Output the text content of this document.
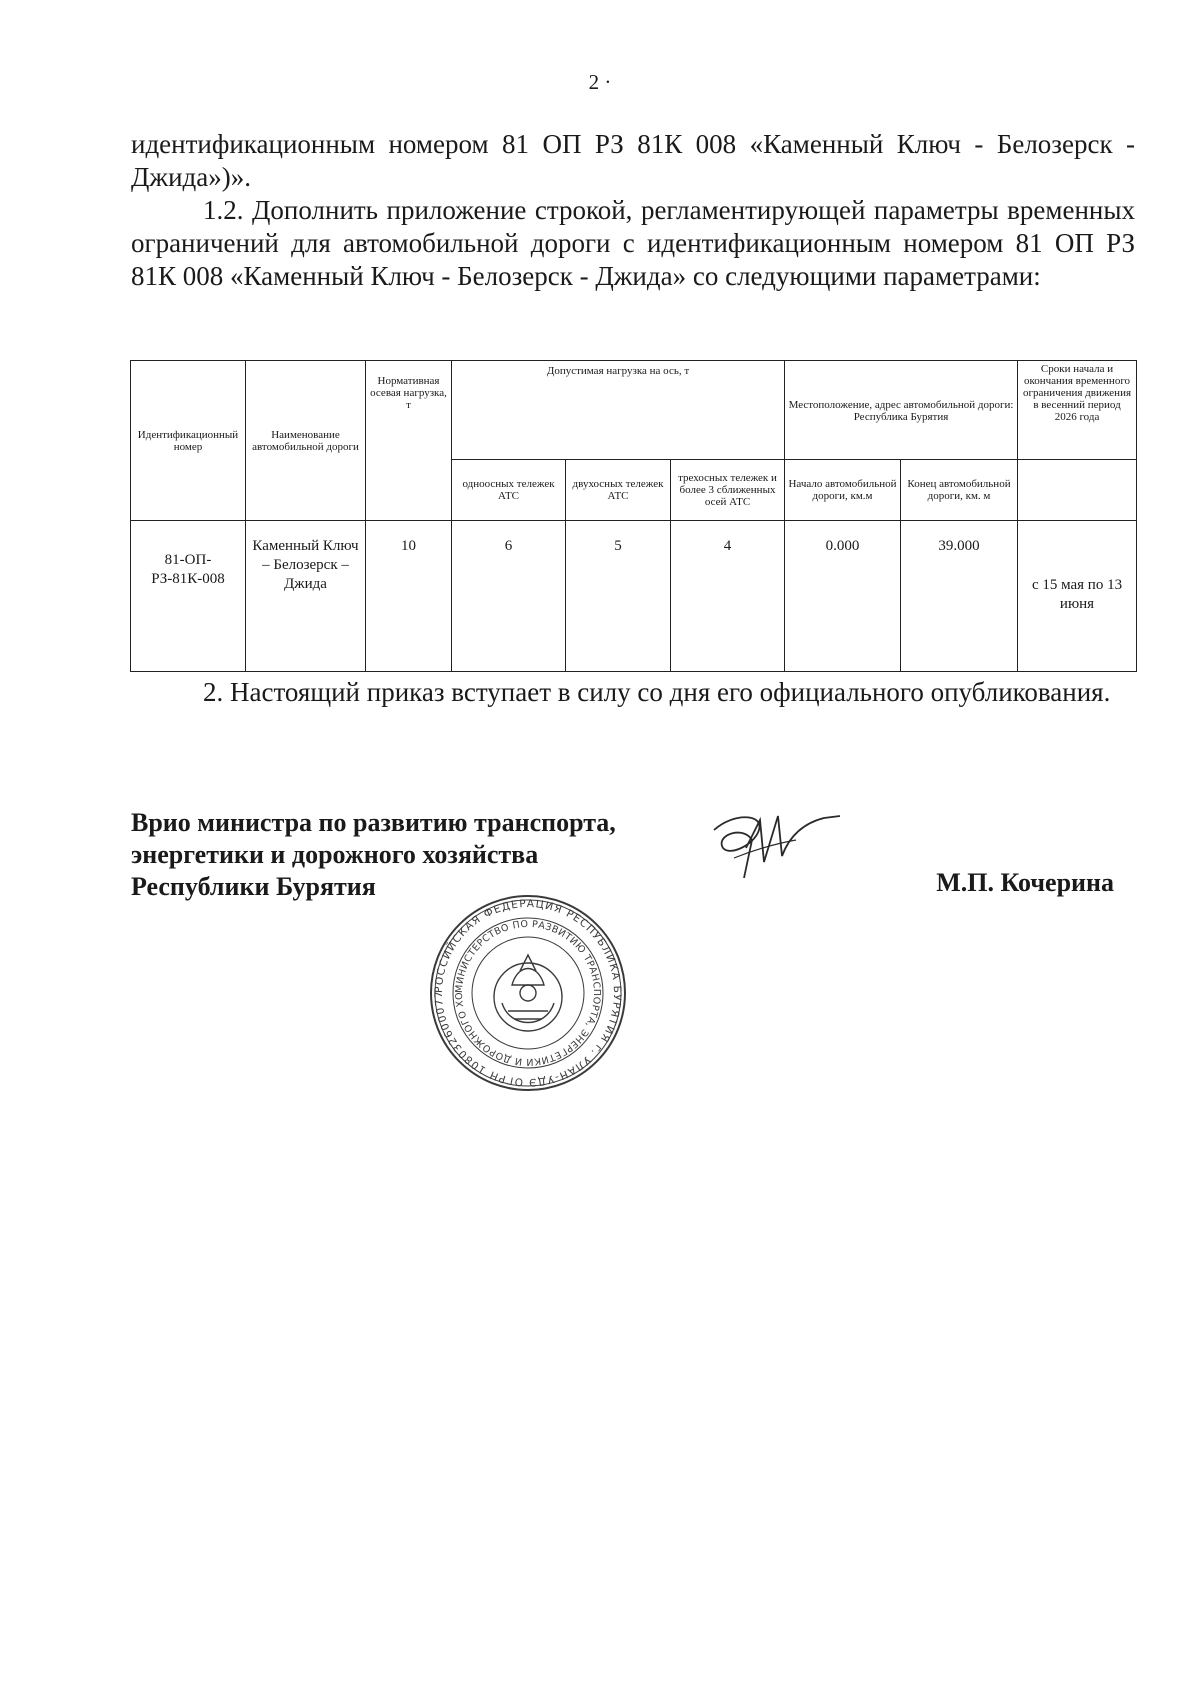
2 ·
идентификационным номером 81 ОП РЗ 81К 008 «Каменный Ключ - Белозерск - Джида»)».
1.2. Дополнить приложение строкой, регламентирующей параметры временных ограничений для автомобильной дороги с идентификационным номером 81 ОП РЗ 81К 008 «Каменный Ключ - Белозерск - Джида» со следующими параметрами:
Идентификационный номер	Наименование автомобильной дороги	Нормативная осевая нагрузка, т	Допустимая нагрузка на ось, т			Местоположение, адрес автомобильной дороги: Республика Бурятия		Сроки начала и окончания временного ограничения движения в весенний период 2026 года
			одноосных тележек АТС	двухосных тележек АТС	трехосных тележек и более 3 сближенных осей АТС	Начало автомобильной дороги, км.м	Конец автомобильной дороги, км. м	
81-ОП-РЗ-81К-008	Каменный Ключ – Белозерск – Джида	10	6	5	4	0.000	39.000	с 15 мая по 13 июня
2. Настоящий приказ вступает в силу со дня его официального опубликования.
Врио министра по развитию транспорта,
энергетики и дорожного хозяйства
Республики Бурятия	М.П. Кочерина
РОССИЙСКАЯ ФЕДЕРАЦИЯ РЕСПУБЛИКА БУРЯТИЯ г. УЛАН-УДЭ ОГРН 108032600077
МИНИСТЕРСТВО ПО РАЗВИТИЮ ТРАНСПОРТА, ЭНЕРГЕТИКИ И ДОРОЖНОГО ХО
